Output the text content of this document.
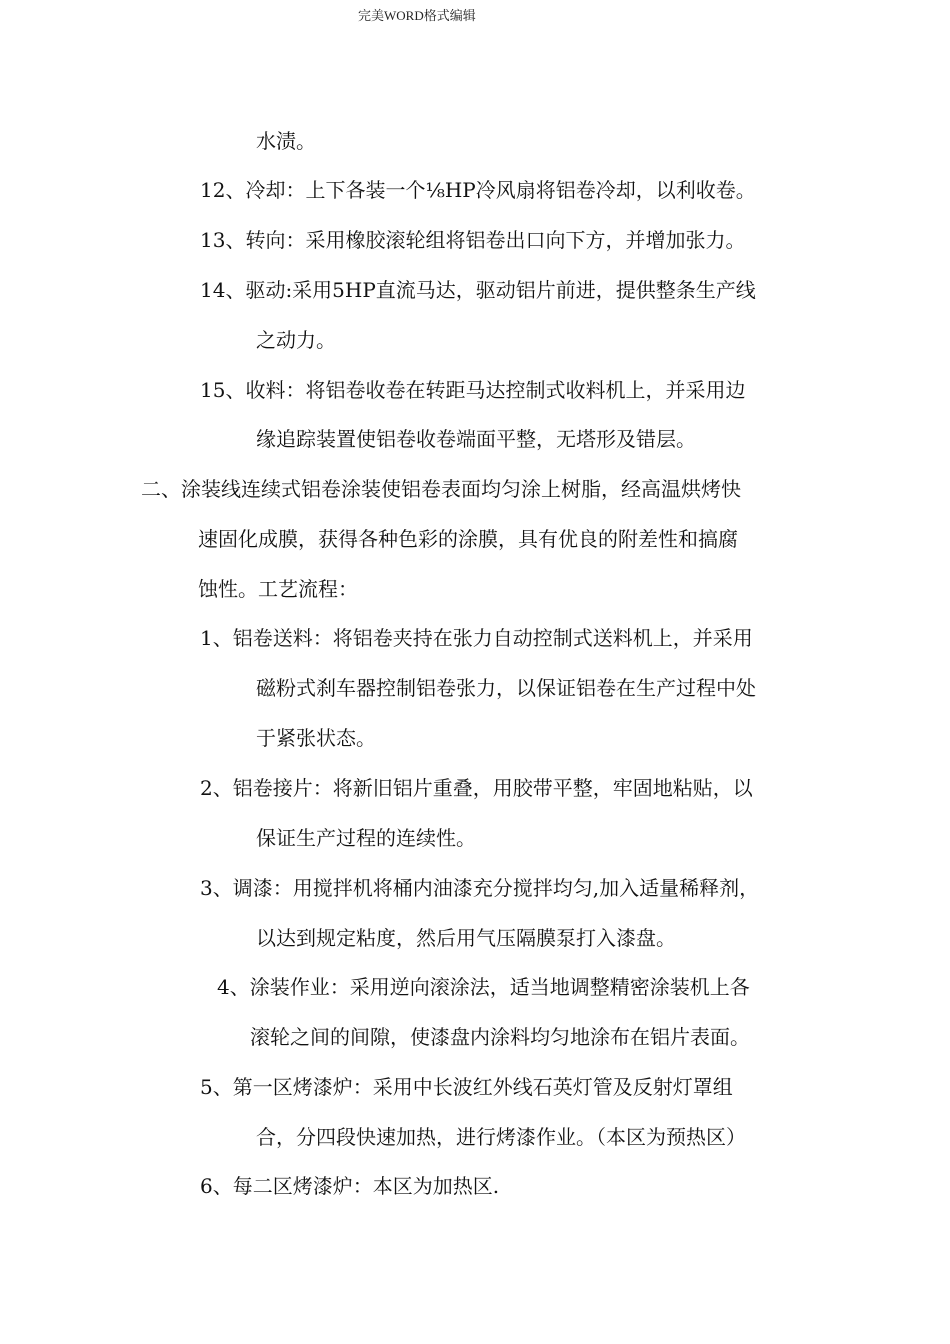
完美WORD格式编辑
水渍。
12、冷却：上下各装一个⅛HP冷风扇将铝卷冷却，以利收卷。
13、转向：采用橡胶滚轮组将铝卷出口向下方，并增加张力。
14、驱动:采用5HP直流马达，驱动铝片前进，提供整条生产线
之动力。
15、收料：将铝卷收卷在转距马达控制式收料机上，并采用边
缘追踪装置使铝卷收卷端面平整，无塔形及错层。
二、涂装线连续式铝卷涂装使铝卷表面均匀涂上树脂，经高温烘烤快
速固化成膜，获得各种色彩的涂膜，具有优良的附差性和搞腐
蚀性。工艺流程：
1、铝卷送料：将铝卷夹持在张力自动控制式送料机上，并采用
磁粉式刹车器控制铝卷张力，以保证铝卷在生产过程中处
于紧张状态。
2、铝卷接片：将新旧铝片重叠，用胶带平整，牢固地粘贴，以
保证生产过程的连续性。
3、调漆：用搅拌机将桶内油漆充分搅拌均匀,加入适量稀释剂，
以达到规定粘度，然后用气压隔膜泵打入漆盘。
4、涂装作业：采用逆向滚涂法，适当地调整精密涂装机上各
滚轮之间的间隙，使漆盘内涂料均匀地涂布在铝片表面。
5、第一区烤漆炉：采用中长波红外线石英灯管及反射灯罩组
合，分四段快速加热，进行烤漆作业。（本区为预热区）
6、每二区烤漆炉：本区为加热区.
